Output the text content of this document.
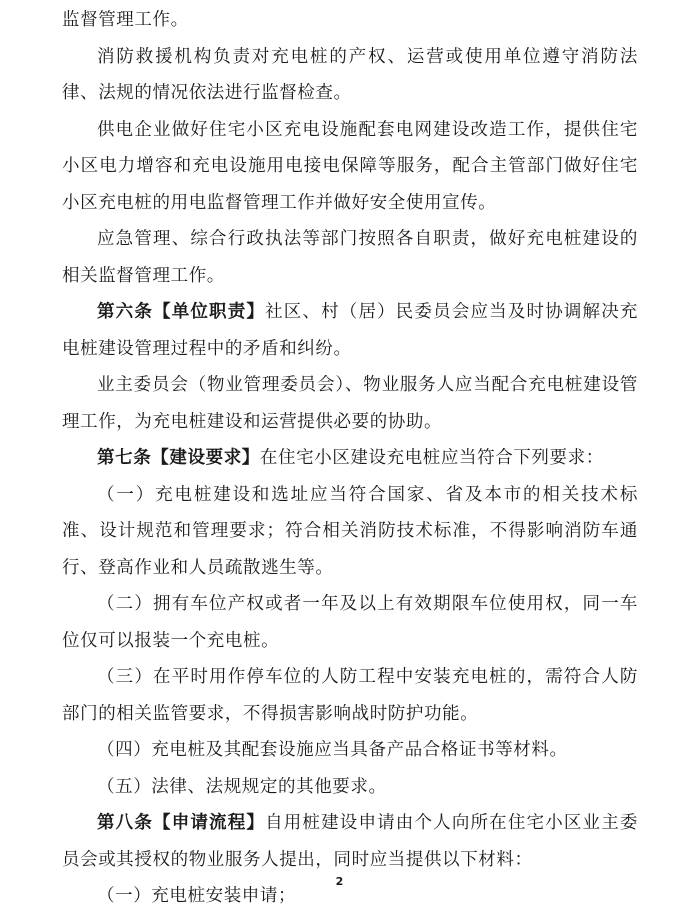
监督管理工作。

消防救援机构负责对充电桩的产权、运营或使用单位遵守消防法律、法规的情况依法进行监督检查。

供电企业做好住宅小区充电设施配套电网建设改造工作，提供住宅小区电力增容和充电设施用电接电保障等服务，配合主管部门做好住宅小区充电桩的用电监督管理工作并做好安全使用宣传。

应急管理、综合行政执法等部门按照各自职责，做好充电桩建设的相关监督管理工作。

第六条【单位职责】社区、村（居）民委员会应当及时协调解决充电桩建设管理过程中的矛盾和纠纷。

业主委员会（物业管理委员会）、物业服务人应当配合充电桩建设管理工作，为充电桩建设和运营提供必要的协助。

第七条【建设要求】在住宅小区建设充电桩应当符合下列要求：

（一）充电桩建设和选址应当符合国家、省及本市的相关技术标准、设计规范和管理要求；符合相关消防技术标准，不得影响消防车通行、登高作业和人员疏散逃生等。

（二）拥有车位产权或者一年及以上有效期限车位使用权，同一车位仅可以报装一个充电桩。

（三）在平时用作停车位的人防工程中安装充电桩的，需符合人防部门的相关监管要求，不得损害影响战时防护功能。

（四）充电桩及其配套设施应当具备产品合格证书等材料。

（五）法律、法规规定的其他要求。

第八条【申请流程】自用桩建设申请由个人向所在住宅小区业主委员会或其授权的物业服务人提出，同时应当提供以下材料：

（一）充电桩安装申请；

2
